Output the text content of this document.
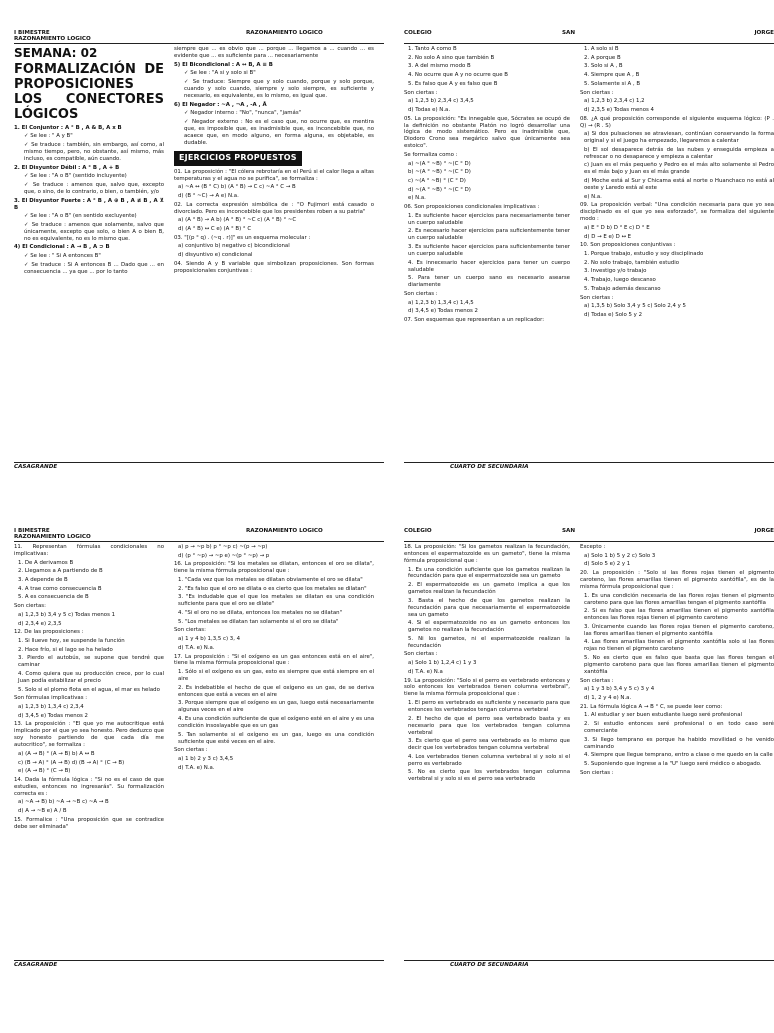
I BIMESTRE
RAZONAMIENTO LOGICO
RAZONAMIENTO LOGICO

SEMANA: 02

FORMALIZACIÓN DE PROPOSICIONES LOS CONECTORES LÓGICOS

1. El Conjuntor : A ° B , A & B, A x B

✓ Se lee : " A y B"

✓ Se traduce : también, sin embargo, así como, al mismo tiempo, pero, no obstante, así mismo, más incluso, es compatible, aún cuando.

2. El Disyuntor Débil : A ° B , A + B

✓ Se lee : "A o B" (sentido incluyente)

✓ Se traduce : amenos que, salvo que, excepto que, o sino, de lo contrario, o bien, o también, y/o

3. El Disyuntor Fuerte : A ° B , A ⊕ B , A ≢ B , A ⊻ B

✓ Se lee : "A o B" (en sentido excluyente)

✓ Se traduce : amenos que solamente, salvo que únicamente, excepto que solo, o bien A o bien B, no es equivalente, no es lo mismo que.

4) El Condicional : A → B , A ⊃ B

✓ Se lee : " Si A entonces B"

✓ Se traduce : Si A entonces B ... Dado que ... en consecuencia ... ya que ... por lo tanto

siempre que ... es obvio que ... porque ... llegamos a ... cuando ... es evidente que ... es suficiente para ... necesariamente

5) El Bicondicional : A ↔ B, A ≡ B

✓ Se lee : "A si y solo si B"

✓ Se traduce: Siempre que y solo cuando, porque y solo porque, cuando y solo cuando, siempre y solo siempre, es suficiente y necesario, es equivalente, es lo mismo, es igual que.

6) El Negador : ~A , ¬A , -A , Ā

✓ Negador interno : "No", "nunca", "jamás"

✓ Negador externo : No es el caso que, no ocurre que, es mentira que, es imposible que, es inadmisible que, es inconcebible que, no acaece que, en modo alguno, en forma alguna, es objetable, es dudable.

EJERCICIOS PROPUESTOS

01. La proposición : "El cólera rebrotaría en el Perú si el calor llega a altas temperaturas y el agua no se purifica", se formaliza :

a) ~A ↔ (B ° C) b) (A ° B) → C c) ~A ° C → B

d) (B ° ~C) → A e) N.a.

02. La correcta expresión simbólica de : "O Fujimori está casado o divorciado. Pero es inconcebible que los presidentes roben a su patria"

a) (A ° B) → A b) (A ° B) ° ~C c) (A ° B) ° ~C

d) (A ° B) ↔ C e) (A ° B) ° C

03. "[(p ° q) . (~q . r)]" es un esquema molecular :

a) conjuntivo b) negativo c) bicondicional

d) disyuntivo e) condicional

04. Siendo A y B variable que simbolizan proposiciones. Son formas proposicionales conjuntivas :

CASAGRANDE
COLEGIO	SAN	JORGE

1. Tanto A como B

2. No solo A sino que también B

3. A del mismo modo B

4. No ocurre que A y no ocurre que B

5. Es falso que A y es falso que B

Son ciertas :

a) 1,2,3 b) 2,3,4 c) 3,4,5

d) Todas e) N.a.

05. La proposición: "Es innegable que, Sócrates se ocupó de la definición no obstante Platón no logró desarrollar una lógica de modo sistemático. Pero es inadmisible que, Diodoro Crono sea megárico salvo que únicamente sea estoico".

Se formaliza como :

a) ~(A ° ~B) ° ~(C ° D)

b) ~(A ° ~B) ° ~(C ° D)

c) ~(A ° ~B) ° (C ° D)

d) ~(A ° ~B) ° ~(C ° D)

e) N.a.

06. Son proposiciones condicionales implicativas :

1. Es suficiente hacer ejercicios para necesariamente tener un cuerpo saludable

2. Es necesario hacer ejercicios para suficientemente tener un cuerpo saludable

3. Es suficiente hacer ejercicios para suficientemente tener un cuerpo saludable

4. Es innecesario hacer ejercicios para tener un cuerpo saludable

5. Para tener un cuerpo sano es necesario asearse diariamente

Son ciertas :

a) 1,2,3 b) 1,3,4 c) 1,4,5

d) 3,4,5 e) Todas menos 2

07. Son esquemas que representan a un replicador:

1. A solo si B

2. A porque B

3. Solo si A , B

4. Siempre que A , B

5. Solamente si A , B

Son ciertas :

a) 1,2,3 b) 2,3,4 c) 1,2

d) 2,3,5 e) Todas menos 4

08. ¿A qué proposición corresponde el siguiente esquema lógico: (P . Q) → (R . S)

a) Si dos pulsaciones se atraviesan, continúan conservando la forma original y si el juego ha empezado, llegaremos a calentar

b) El sol desaparece detrás de las nubes y enseguida empieza a refrescar o no desaparece y empieza a calentar

c) Juan es el más pequeño y Pedro es el más alto solamente si Pedro es el más bajo y Juan es el más grande

d) Moche está al Sur y Chicama está al norte o Huanchaco no está al oeste y Laredo está al este

e) N.a.

09. La proposición verbal: "Una condición necesaria para que yo sea disciplinado es el que yo sea esforzado", se formaliza del siguiente modo :

a) E ° D b) D ° E c) D ° E

d) D → E e) D ↔ E

10. Son proposiciones conjuntivas :

1. Porque trabajo, estudio y soy disciplinado

2. No solo trabajo, también estudio

3. Investigo y/o trabajo

4. Trabajo, luego descanso

5. Trabajo además descanso

Son ciertas :

a) 1,3,5 b) Solo 3,4 y 5 c) Solo 2,4 y 5

d) Todas e) Solo 5 y 2

CUARTO DE SECUNDARIA
I BIMESTRE
RAZONAMIENTO LOGICO
RAZONAMIENTO LOGICO

11. Representan fórmulas condicionales no implicativas:

1. De A derivamos B

2. Llegamos a A partiendo de B

3. A depende de B

4. A trae como consecuencia B

5. A es consecuencia de B

Son ciertas:

a) 1,2,3 b) 3,4 y 5 c) Todas menos 1

d) 2,3,4 e) 2,3,5

12. De las proposiciones :

1. Si llueve hoy, se suspende la función

2. Hace frío, si el lago se ha helado

3. Pierdo el autobús, se supone que tendré que caminar

4. Como quiera que su producción crece, por lo cual Juan podía estabilizar el precio

5. Solo si el plomo flota en el agua, el mar es helado

Son fórmulas implicativas :

a) 1,2,3 b) 1,3,4 c) 2,3,4

d) 3,4,5 e) Todas menos 2

13. La proposición : "El que yo me autocritique está implicado por el que yo sea honesto. Pero deduzco que soy honesto partiendo de que cada día me autocritico", se formaliza :

a) (A → B) ° (A → B) b) A ↔ B

c) (B → A) ° (A → B) d) (B → A) ° (C → B)

e) (A → B) ° (C → B)

14. Dada la fórmula lógica : "Si no es el caso de que estudies, entonces no ingresarás". Su formalización correcta es :

a) ~A → B) b) ~A → ~B c) ~A → B

d) A → ~B e) A / B

15. Formalice : "Una proposición que se contradice debe ser eliminada"

a) p → ~p b) p ° ~p c) ~(p → ~p)

d) (p ° ~p) → ~p e) ~(p ° ~p) → p

16. La proposición: "Si los metales se dilatan, entonces el oro se dilata", tiene la misma fórmula proposicional que :

1. "Cada vez que los metales se dilatan obviamente el oro se dilata"

2. "Es falso que el oro se dilata o es cierto que los metales se dilatan"

3. "Es indudable que el que los metales se dilatan es una condición suficiente para que el oro se dilate"

4. "Si el oro no se dilata, entonces los metales no se dilatan"

5. "Los metales se dilatan tan solamente si el oro se dilata"

Son ciertas:

a) 1 y 4 b) 1,3,5 c) 3, 4

d) T.A. e) N.a.

17. La proposición : "Si el oxígeno es un gas entonces está en el aire", tiene la misma fórmula proposicional que :

1. Sólo si el oxígeno es un gas, esto es siempre que está siempre en el aire

2. Es indebatible el hecho de que el oxígeno es un gas, de se deriva entonces que está a veces en el aire

3. Porque siempre que el oxígeno es un gas, luego está necesariamente algunas veces en el aire

4. Es una condición suficiente de que el oxígeno esté en el aire y es una condición insoslayable que es un gas

5. Tan solamente si el oxígeno es un gas, luego es una condición suficiente que esté veces en el aire.

Son ciertas :

a) 1 b) 2 y 3 c) 3,4,5

d) T.A. e) N.a.

CASAGRANDE
COLEGIO	SAN	JORGE

18. La proposición: "Si los gametos realizan la fecundación, entonces el espermatozoide es un gameto", tiene la misma fórmula proposicional que :

1. Es una condición suficiente que los gametos realizan la fecundación para que el espermatozoide sea un gameto

2. El espermatozoide es un gameto implica a que los gametos realizan la fecundación

3. Basta el hecho de que los gametos realizan la fecundación para que necesariamente el espermatozoide sea un gameto

4. Si el espermatozoide no es un gameto entonces los gametos no realizan la fecundación

5. Ni los gametos, ni el espermatozoide realizan la fecundación

Son ciertas :

a) Solo 1 b) 1,2,4 c) 1 y 3

d) T.A. e) N.a

19. La proposición: "Solo si el perro es vertebrado entonces y solo entonces los vertebrados tienen columna vertebral", tiene la misma fórmula proposicional que :

1. El perro es vertebrado es suficiente y necesario para que entonces los vertebrados tengan columna vertebral

2. El hecho de que el perro sea vertebrado basta y es necesario para que los vertebrados tengan columna vertebral

3. Es cierto que el perro sea vertebrado es lo mismo que decir que los vertebrados tengan columna vertebral

4. Los vertebrados tienen columna vertebral si y solo si el perro es vertebrado

5. No es cierto que los vertebrados tengan columna vertebral si y solo si es el perro sea vertebrado

Excepto :

a) Solo 1 b) 5 y 2 c) Solo 3

d) Solo 5 e) 2 y 1

20. La proposición : "Solo si las flores rojas tienen el pigmento caroteno, las flores amarillas tienen el pigmento xantófila", es de la misma fórmula proposicional que :

1. Es una condición necesaria de las flores rojas tienen el pigmento caroteno para que las flores amarillas tengan el pigmento xantófila

2. Si es falso que las flores amarillas tienen el pigmento xantófila entonces las flores rojas tienen el pigmento caroteno

3. Únicamente cuando las flores rojas tienen el pigmento caroteno, las flores amarillas tienen el pigmento xantófila

4. Las flores amarillas tienen el pigmento xantófila solo si las flores rojas no tienen el pigmento caroteno

5. No es cierto que es falso que basta que las flores tengan el pigmento caroteno para que las flores amarillas tienen el pigmento xantófila

Son ciertas :

a) 1 y 3 b) 3,4 y 5 c) 3 y 4

d) 1, 2 y 4 e) N.a.

21. La fórmula lógica A → B ° C, se puede leer como:

1. Al estudiar y ser buen estudiante luego seré profesional

2. Si estudio entonces seré profesional o en todo caso seré comerciante

3. Si llego temprano es porque ha habido movilidad o he venido caminando

4. Siempre que llegue temprano, entro a clase o me quedo en la calle

5. Suponiendo que ingrese a la "U" luego seré médico o abogado.

Son ciertas :

CUARTO DE SECUNDARIA
